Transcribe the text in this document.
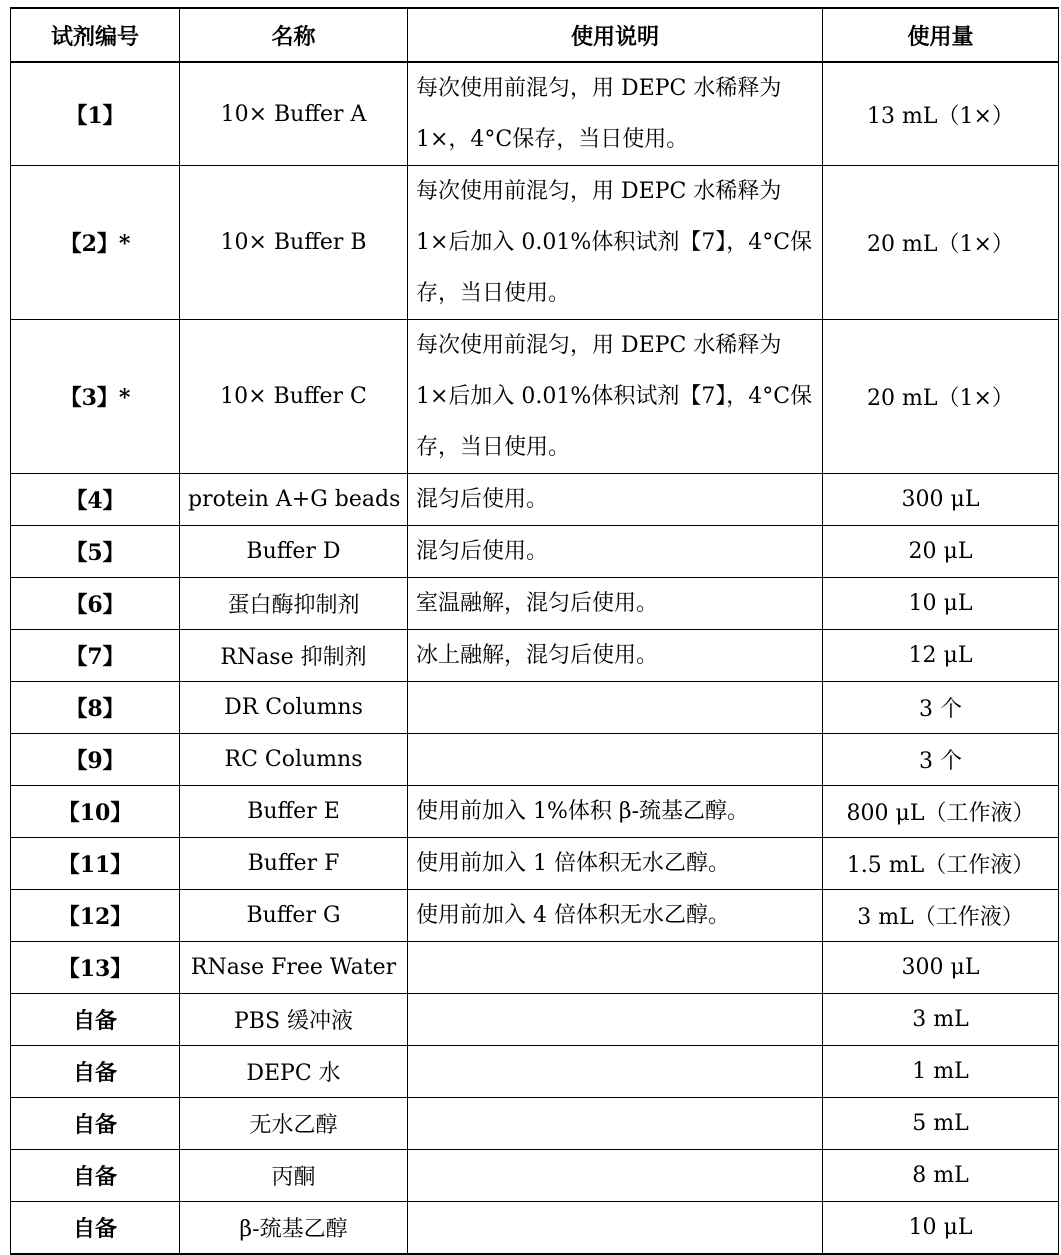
试剂编号	名称	使用说明	使用量
【1】	10× Buffer A	每次使用前混匀，用 DEPC 水稀释为 1×，4°C保存，当日使用。	13 mL（1×）
【2】*	10× Buffer B	每次使用前混匀，用 DEPC 水稀释为 1×后加入 0.01%体积试剂【7】，4°C保存，当日使用。	20 mL（1×）
【3】*	10× Buffer C	每次使用前混匀，用 DEPC 水稀释为 1×后加入 0.01%体积试剂【7】，4°C保存，当日使用。	20 mL（1×）
【4】	protein A+G beads	混匀后使用。	300 μL
【5】	Buffer D	混匀后使用。	20 μL
【6】	蛋白酶抑制剂	室温融解，混匀后使用。	10 μL
【7】	RNase 抑制剂	冰上融解，混匀后使用。	12 μL
【8】	DR Columns		3 个
【9】	RC Columns		3 个
【10】	Buffer E	使用前加入 1%体积 β-巯基乙醇。	800 μL（工作液）
【11】	Buffer F	使用前加入 1 倍体积无水乙醇。	1.5 mL（工作液）
【12】	Buffer G	使用前加入 4 倍体积无水乙醇。	3 mL（工作液）
【13】	RNase Free Water		300 μL
自备	PBS 缓冲液		3 mL
自备	DEPC 水		1 mL
自备	无水乙醇		5 mL
自备	丙酮		8 mL
自备	β-巯基乙醇		10 μL
